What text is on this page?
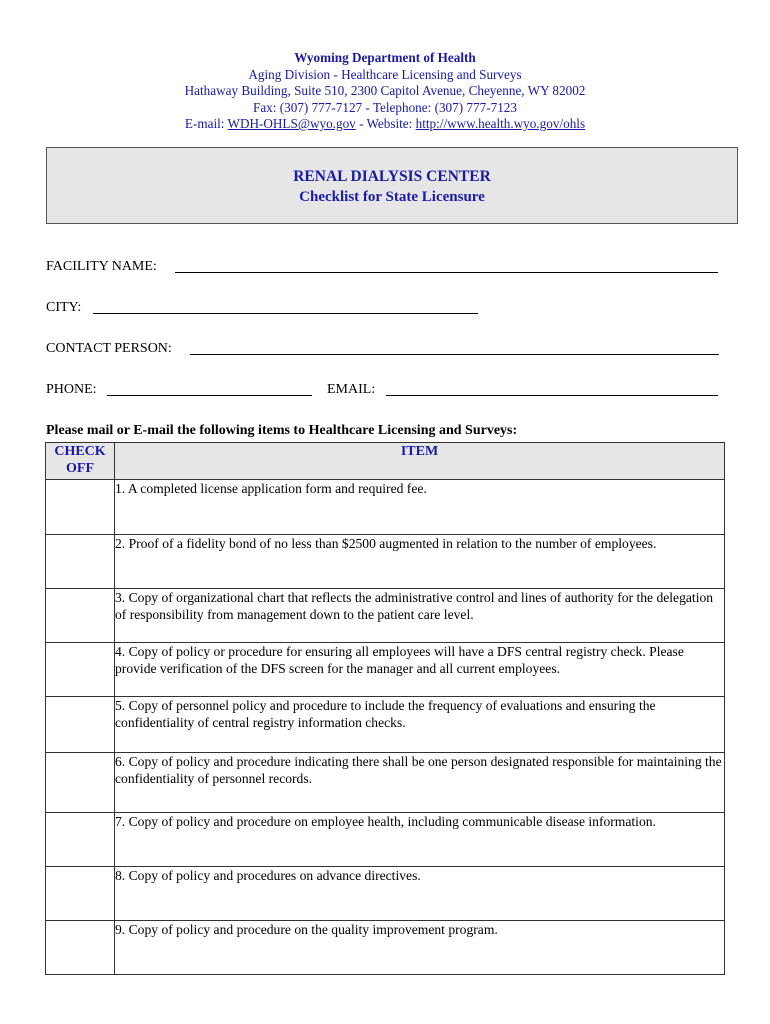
Wyoming Department of Health
Aging Division - Healthcare Licensing and Surveys
Hathaway Building, Suite 510, 2300 Capitol Avenue, Cheyenne, WY 82002
Fax: (307) 777-7127 - Telephone: (307) 777-7123
E-mail: WDH-OHLS@wyo.gov - Website: http://www.health.wyo.gov/ohls
RENAL DIALYSIS CENTER
Checklist for State Licensure
FACILITY NAME:
CITY:
CONTACT PERSON:
PHONE:	EMAIL:
Please mail or E-mail the following items to Healthcare Licensing and Surveys:
CHECK OFF	ITEM
	1. A completed license application form and required fee.
	2. Proof of a fidelity bond of no less than $2500 augmented in relation to the number of employees.
	3. Copy of organizational chart that reflects the administrative control and lines of authority for the delegation of responsibility from management down to the patient care level.
	4. Copy of policy or procedure for ensuring all employees will have a DFS central registry check. Please provide verification of the DFS screen for the manager and all current employees.
	5. Copy of personnel policy and procedure to include the frequency of evaluations and ensuring the confidentiality of central registry information checks.
	6. Copy of policy and procedure indicating there shall be one person designated responsible for maintaining the confidentiality of personnel records.
	7. Copy of policy and procedure on employee health, including communicable disease information.
	8. Copy of policy and procedures on advance directives.
	9. Copy of policy and procedure on the quality improvement program.
